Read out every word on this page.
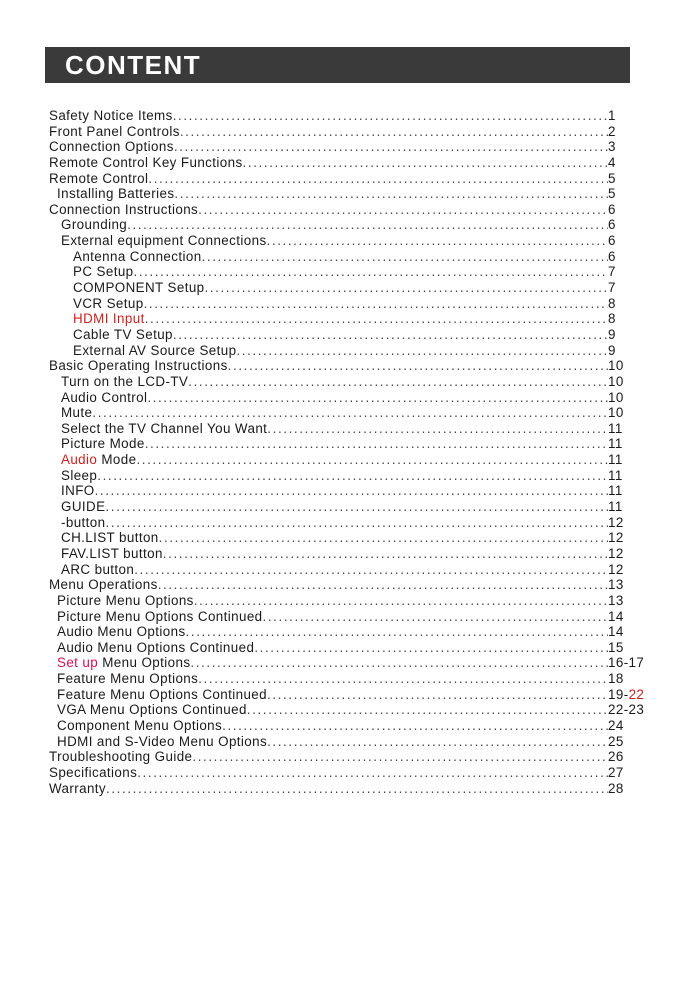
CONTENT
Safety Notice Items .....	1
Front Panel Controls .....	2
Connection Options .....	3
Remote Control Key Functions .....	4
Remote Control .....	5
Installing Batteries .....	5
Connection Instructions .....	6
Grounding .....	6
External equipment Connections .....	6
Antenna Connection .....	6
PC Setup .....	7
COMPONENT Setup .....	7
VCR Setup .....	8
HDMI Input .....	8
Cable TV Setup .....	9
External AV Source Setup .....	9
Basic Operating Instructions .....	10
Turn on the LCD-TV .....	10
Audio Control .....	10
Mute .....	10
Select the TV Channel You Want .....	11
Picture Mode .....	11
Audio Mode .....	11
Sleep .....	11
INFO .....	11
GUIDE .....	11
-button .....	12
CH.LIST button .....	12
FAV.LIST button .....	12
ARC button .....	12
Menu Operations .....	13
Picture Menu Options .....	13
Picture Menu Options Continued .....	14
Audio Menu Options .....	14
Audio Menu Options Continued .....	15
Set up Menu Options .....	16-17
Feature Menu Options .....	18
Feature Menu Options Continued .....	19-22
VGA Menu Options Continued .....	22-23
Component Menu Options .....	24
HDMI and S-Video Menu Options .....	25
Troubleshooting Guide .....	26
Specifications .....	27
Warranty .....	28
